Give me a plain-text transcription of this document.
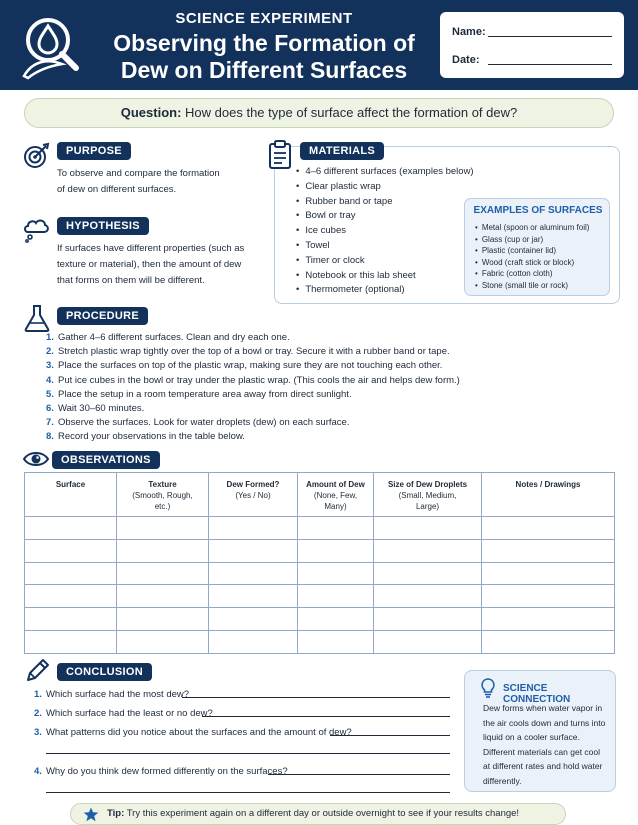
SCIENCE EXPERIMENT
Observing the Formation of
Dew on Different Surfaces
Name:
Date:
Question: How does the type of surface affect the formation of dew?
PURPOSE
To observe and compare the formation
of dew on different surfaces.
HYPOTHESIS
If surfaces have different properties (such as
texture or material), then the amount of dew
that forms on them will be different.
MATERIALS
• 4–6 different surfaces (examples below)
• Clear plastic wrap
• Rubber band or tape
• Bowl or tray
• Ice cubes
• Towel
• Timer or clock
• Notebook or this lab sheet
• Thermometer (optional)
EXAMPLES OF SURFACES
• Metal (spoon or aluminum foil)
• Glass (cup or jar)
• Plastic (container lid)
• Wood (craft stick or block)
• Fabric (cotton cloth)
• Stone (small tile or rock)
PROCEDURE
1. Gather 4–6 different surfaces. Clean and dry each one.
2. Stretch plastic wrap tightly over the top of a bowl or tray. Secure it with a rubber band or tape.
3. Place the surfaces on top of the plastic wrap, making sure they are not touching each other.
4. Put ice cubes in the bowl or tray under the plastic wrap. (This cools the air and helps dew form.)
5. Place the setup in a room temperature area away from direct sunlight.
6. Wait 30–60 minutes.
7. Observe the surfaces. Look for water droplets (dew) on each surface.
8. Record your observations in the table below.
OBSERVATIONS
Surface	Texture
(Smooth, Rough,
etc.)	Dew Formed?
(Yes / No)	Amount of Dew
(None, Few,
Many)	Size of Dew Droplets
(Small, Medium,
Large)	Notes / Drawings

CONCLUSION
1. Which surface had the most dew?
2. Which surface had the least or no dew?
3. What patterns did you notice about the surfaces and the amount of dew?
4. Why do you think dew formed differently on the surfaces?
SCIENCE CONNECTION
Dew forms when water vapor in the air cools down and turns into liquid on a cooler surface. Different materials can get cool at different rates and hold water differently.
Tip: Try this experiment again on a different day or outside overnight to see if your results change!
